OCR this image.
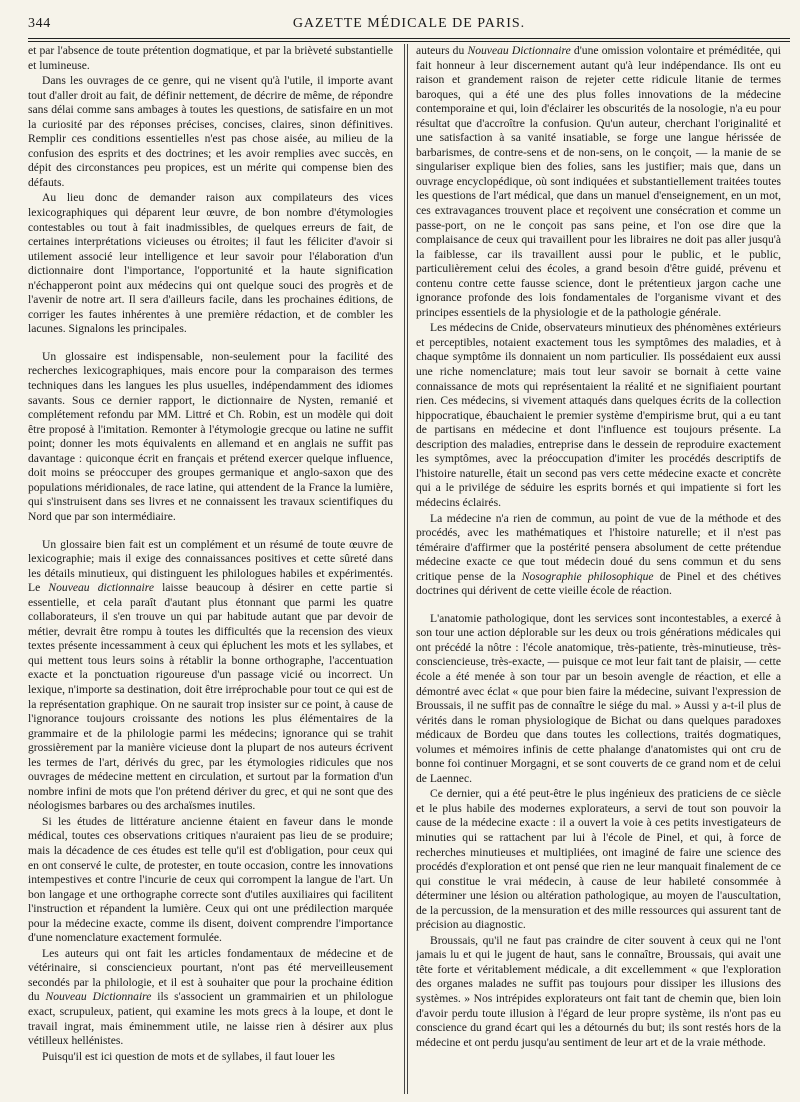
344	GAZETTE MÉDICALE DE PARIS.

et par l'absence de toute prétention dogmatique, et par la brièveté substantielle et lumineuse.

Dans les ouvrages de ce genre, qui ne visent qu'à l'utile, il importe avant tout d'aller droit au fait, de définir nettement, de décrire de même, de répondre sans délai comme sans ambages à toutes les questions, de satisfaire en un mot la curiosité par des réponses précises, concises, claires, sinon définitives. Remplir ces conditions essentielles n'est pas chose aisée, au milieu de la confusion des esprits et des doctrines; et les avoir remplies avec succès, en dépit des circonstances peu propices, est un mérite qui compense bien des défauts.

Au lieu donc de demander raison aux compilateurs des vices lexicographiques qui déparent leur œuvre, de bon nombre d'étymologies contestables ou tout à fait inadmissibles, de quelques erreurs de fait, de certaines interprétations vicieuses ou étroites; il faut les féliciter d'avoir si utilement associé leur intelligence et leur savoir pour l'élaboration d'un dictionnaire dont l'importance, l'opportunité et la haute signification n'échapperont point aux médecins qui ont quelque souci des progrès et de l'avenir de notre art. Il sera d'ailleurs facile, dans les prochaines éditions, de corriger les fautes inhérentes à une première rédaction, et de combler les lacunes. Signalons les principales.

Un glossaire est indispensable, non-seulement pour la facilité des recherches lexicographiques, mais encore pour la comparaison des termes techniques dans les langues les plus usuelles, indépendamment des idiomes savants. Sous ce dernier rapport, le dictionnaire de Nysten, remanié et complétement refondu par MM. Littré et Ch. Robin, est un modèle qui doit être proposé à l'imitation. Remonter à l'étymologie grecque ou latine ne suffit point; donner les mots équivalents en allemand et en anglais ne suffit pas davantage : quiconque écrit en français et prétend exercer quelque influence, doit moins se préoccuper des groupes germanique et anglo-saxon que des populations méridionales, de race latine, qui attendent de la France la lumière, qui s'instruisent dans ses livres et ne connaissent les travaux scientifiques du Nord que par son intermédiaire.

Un glossaire bien fait est un complément et un résumé de toute œuvre de lexicographie; mais il exige des connaissances positives et cette sûreté dans les détails minutieux, qui distinguent les philologues habiles et expérimentés. Le Nouveau dictionnaire laisse beaucoup à désirer en cette partie si essentielle, et cela paraît d'autant plus étonnant que parmi les quatre collaborateurs, il s'en trouve un qui par habitude autant que par devoir de métier, devrait être rompu à toutes les difficultés que la recension des vieux textes présente incessamment à ceux qui épluchent les mots et les syllabes, et qui mettent tous leurs soins à rétablir la bonne orthographe, l'accentuation exacte et la ponctuation rigoureuse d'un passage vicié ou incorrect. Un lexique, n'importe sa destination, doit être irréprochable pour tout ce qui est de la représentation graphique. On ne saurait trop insister sur ce point, à cause de l'ignorance toujours croissante des notions les plus élémentaires de la grammaire et de la philologie parmi les médecins; ignorance qui se trahit grossièrement par la manière vicieuse dont la plupart de nos auteurs écrivent les termes de l'art, dérivés du grec, par les étymologies ridicules que nos ouvrages de médecine mettent en circulation, et surtout par la formation d'un nombre infini de mots que l'on prétend dériver du grec, et qui ne sont que des néologismes barbares ou des archaïsmes inutiles.

Si les études de littérature ancienne étaient en faveur dans le monde médical, toutes ces observations critiques n'auraient pas lieu de se produire; mais la décadence de ces études est telle qu'il est d'obligation, pour ceux qui en ont conservé le culte, de protester, en toute occasion, contre les innovations intempestives et contre l'incurie de ceux qui corrompent la langue de l'art. Un bon langage et une orthographe correcte sont d'utiles auxiliaires qui facilitent l'instruction et répandent la lumière. Ceux qui ont une prédilection marquée pour la médecine exacte, comme ils disent, doivent comprendre l'importance d'une nomenclature exactement formulée.

Les auteurs qui ont fait les articles fondamentaux de médecine et de vétérinaire, si consciencieux pourtant, n'ont pas été merveilleusement secondés par la philologie, et il est à souhaiter que pour la prochaine édition du Nouveau Dictionnaire ils s'associent un grammairien et un philologue exact, scrupuleux, patient, qui examine les mots grecs à la loupe, et dont le travail ingrat, mais éminemment utile, ne laisse rien à désirer aux plus vétilleux hellénistes.

Puisqu'il est ici question de mots et de syllabes, il faut louer les

auteurs du Nouveau Dictionnaire d'une omission volontaire et préméditée, qui fait honneur à leur discernement autant qu'à leur indépendance. Ils ont eu raison et grandement raison de rejeter cette ridicule litanie de termes baroques, qui a été une des plus folles innovations de la médecine contemporaine et qui, loin d'éclairer les obscurités de la nosologie, n'a eu pour résultat que d'accroître la confusion. Qu'un auteur, cherchant l'originalité et une satisfaction à sa vanité insatiable, se forge une langue hérissée de barbarismes, de contre-sens et de non-sens, on le conçoit, — la manie de se singulariser explique bien des folies, sans les justifier; mais que, dans un ouvrage encyclopédique, où sont indiquées et substantiellement traitées toutes les questions de l'art médical, que dans un manuel d'enseignement, en un mot, ces extravagances trouvent place et reçoivent une consécration et comme un passe-port, on ne le conçoit pas sans peine, et l'on ose dire que la complaisance de ceux qui travaillent pour les libraires ne doit pas aller jusqu'à la faiblesse, car ils travaillent aussi pour le public, et le public, particulièrement celui des écoles, a grand besoin d'être guidé, prévenu et contenu contre cette fausse science, dont le prétentieux jargon cache une ignorance profonde des lois fondamentales de l'organisme vivant et des principes essentiels de la physiologie et de la pathologie générale.

Les médecins de Cnide, observateurs minutieux des phénomènes extérieurs et perceptibles, notaient exactement tous les symptômes des maladies, et à chaque symptôme ils donnaient un nom particulier. Ils possédaient eux aussi une riche nomenclature; mais tout leur savoir se bornait à cette vaine connaissance de mots qui représentaient la réalité et ne signifiaient pourtant rien. Ces médecins, si vivement attaqués dans quelques écrits de la collection hippocratique, ébauchaient le premier système d'empirisme brut, qui a eu tant de partisans en médecine et dont l'influence est toujours présente. La description des maladies, entreprise dans le dessein de reproduire exactement les symptômes, avec la préoccupation d'imiter les procédés descriptifs de l'histoire naturelle, était un second pas vers cette médecine exacte et concrète qui a le privilége de séduire les esprits bornés et qui impatiente si fort les médecins éclairés.

La médecine n'a rien de commun, au point de vue de la méthode et des procédés, avec les mathématiques et l'histoire naturelle; et il n'est pas téméraire d'affirmer que la postérité pensera absolument de cette prétendue médecine exacte ce que tout médecin doué du sens commun et du sens critique pense de la Nosographie philosophique de Pinel et des chétives doctrines qui dérivent de cette vieille école de réaction.

L'anatomie pathologique, dont les services sont incontestables, a exercé à son tour une action déplorable sur les deux ou trois générations médicales qui ont précédé la nôtre : l'école anatomique, très-patiente, très-minutieuse, très-consciencieuse, très-exacte, — puisque ce mot leur fait tant de plaisir, — cette école a été menée à son tour par un besoin avengle de réaction, et elle a démontré avec éclat « que pour bien faire la médecine, suivant l'expression de Broussais, il ne suffit pas de connaître le siége du mal. » Aussi y a-t-il plus de vérités dans le roman physiologique de Bichat ou dans quelques paradoxes médicaux de Bordeu que dans toutes les collections, traités dogmatiques, volumes et mémoires infinis de cette phalange d'anatomistes qui ont cru de bonne foi continuer Morgagni, et se sont couverts de ce grand nom et de celui de Laennec.

Ce dernier, qui a été peut-être le plus ingénieux des praticiens de ce siècle et le plus habile des modernes explorateurs, a servi de tout son pouvoir la cause de la médecine exacte : il a ouvert la voie à ces petits investigateurs de minuties qui se rattachent par lui à l'école de Pinel, et qui, à force de recherches minutieuses et multipliées, ont imaginé de faire une science des procédés d'exploration et ont pensé que rien ne leur manquait finalement de ce qui constitue le vrai médecin, à cause de leur habileté consommée à déterminer une lésion ou altération pathologique, au moyen de l'auscultation, de la percussion, de la mensuration et des mille ressources qui assurent tant de précision au diagnostic.

Broussais, qu'il ne faut pas craindre de citer souvent à ceux qui ne l'ont jamais lu et qui le jugent de haut, sans le connaître, Broussais, qui avait une tête forte et véritablement médicale, a dit excellemment « que l'exploration des organes malades ne suffit pas toujours pour dissiper les illusions des systèmes. » Nos intrépides explorateurs ont fait tant de chemin que, bien loin d'avoir perdu toute illusion à l'égard de leur propre système, ils n'ont pas eu conscience du grand écart qui les a détournés du but; ils sont restés hors de la médecine et ont perdu jusqu'au sentiment de leur art et de la vraie méthode.
